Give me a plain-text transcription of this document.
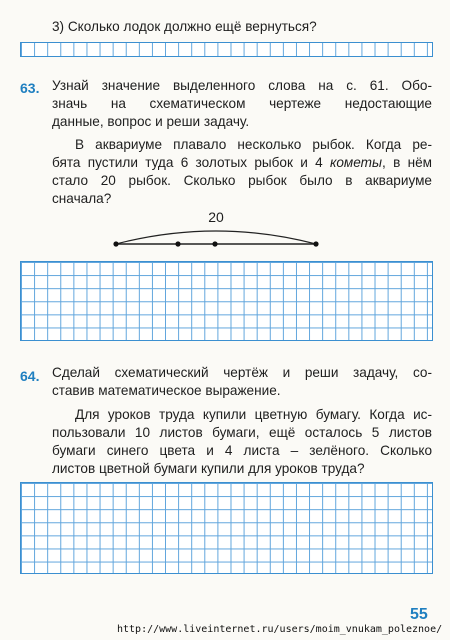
3) Сколько лодок должно ещё вернуться?
63. Узнай значение выделенного слова на с. 61. Обо-
значь на схематическом чертеже недостающие
данные, вопрос и реши задачу.
В аквариуме плавало несколько рыбок. Когда ре-
бята пустили туда 6 золотых рыбок и 4 кометы, в нём
стало 20 рыбок. Сколько рыбок было в аквариуме
сначала?
20
64. Сделай схематический чертёж и реши задачу, со-
ставив математическое выражение.
Для уроков труда купили цветную бумагу. Когда ис-
пользовали 10 листов бумаги, ещё осталось 5 листов
бумаги синего цвета и 4 листа – зелёного. Сколько
листов цветной бумаги купили для уроков труда?
55
http://www.liveinternet.ru/users/moim_vnukam_poleznoe/
